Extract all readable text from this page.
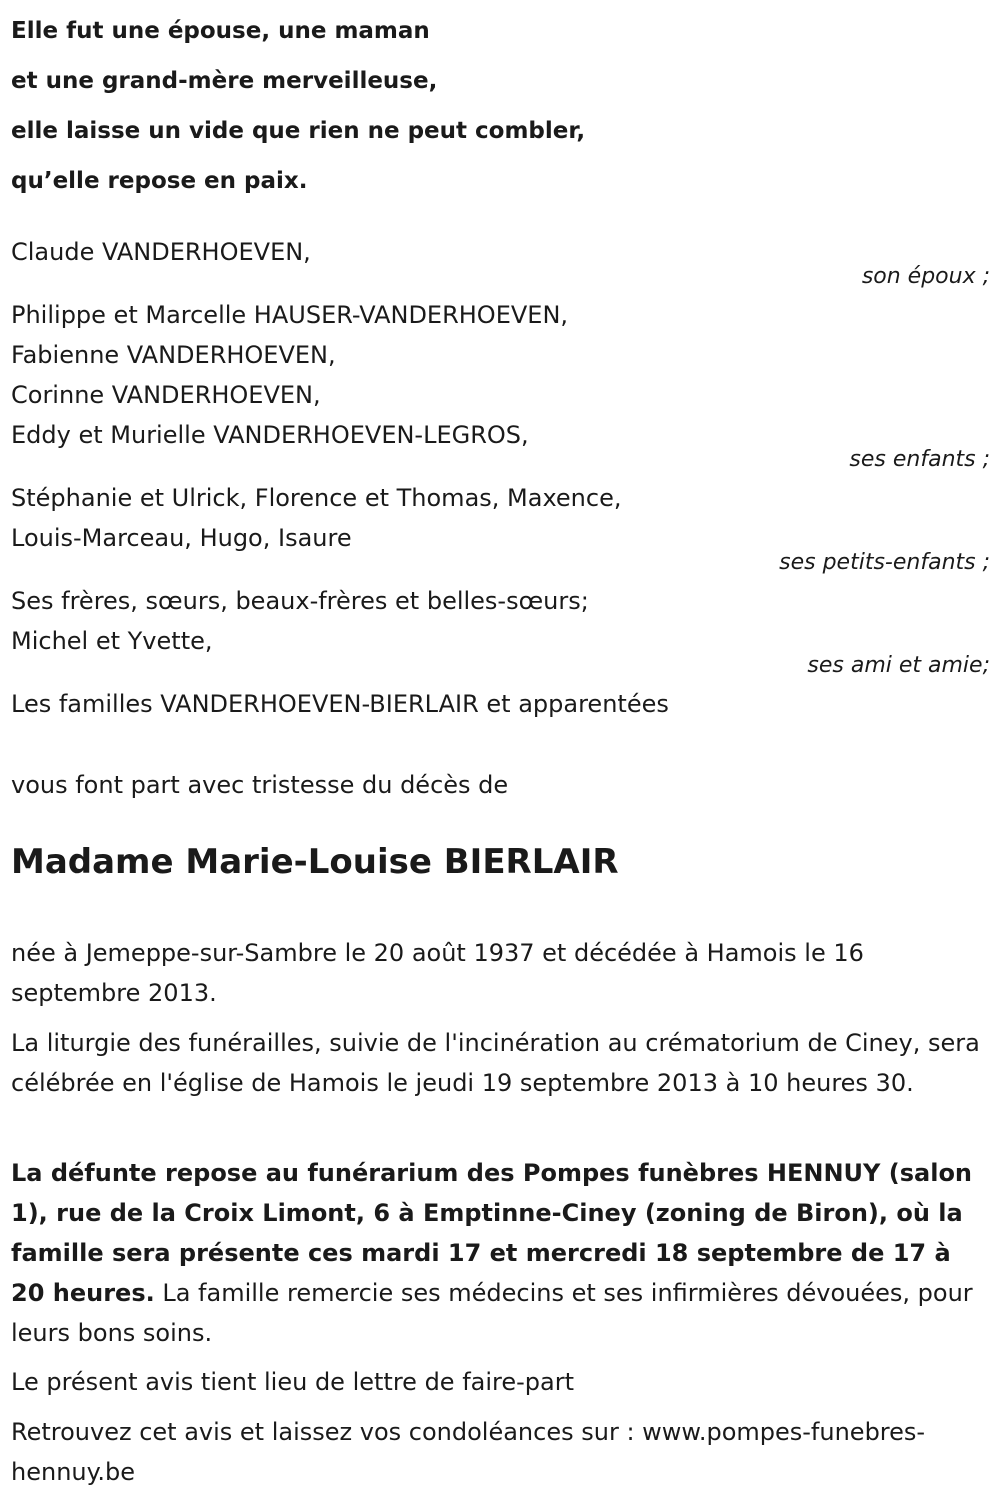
Elle fut une épouse, une maman
et une grand-mère merveilleuse,
elle laisse un vide que rien ne peut combler,
qu’elle repose en paix.
Claude VANDERHOEVEN,
son époux ;
Philippe et Marcelle HAUSER-VANDERHOEVEN,
Fabienne VANDERHOEVEN,
Corinne VANDERHOEVEN,
Eddy et Murielle VANDERHOEVEN-LEGROS,
ses enfants ;
Stéphanie et Ulrick, Florence et Thomas, Maxence,
Louis-Marceau, Hugo, Isaure
ses petits-enfants ;
Ses frères, sœurs, beaux-frères et belles-sœurs;
Michel et Yvette,
ses ami et amie;
Les familles VANDERHOEVEN-BIERLAIR et apparentées
vous font part avec tristesse du décès de
Madame Marie-Louise BIERLAIR

née à Jemeppe-sur-Sambre le 20 août 1937 et décédée à Hamois le 16 septembre 2013.

La liturgie des funérailles, suivie de l'incinération au crématorium de Ciney, sera célébrée en l'église de Hamois le jeudi 19 septembre 2013 à 10 heures 30.

La défunte repose au funérarium des Pompes funèbres HENNUY (salon 1), rue de la Croix Limont, 6 à Emptinne-Ciney (zoning de Biron), où la famille sera présente ces mardi 17 et mercredi 18 septembre de 17 à 20 heures. La famille remercie ses médecins et ses infirmières dévouées, pour leurs bons soins.

Le présent avis tient lieu de lettre de faire-part

Retrouvez cet avis et laissez vos condoléances sur : www.pompes-funebres-hennuy.be
